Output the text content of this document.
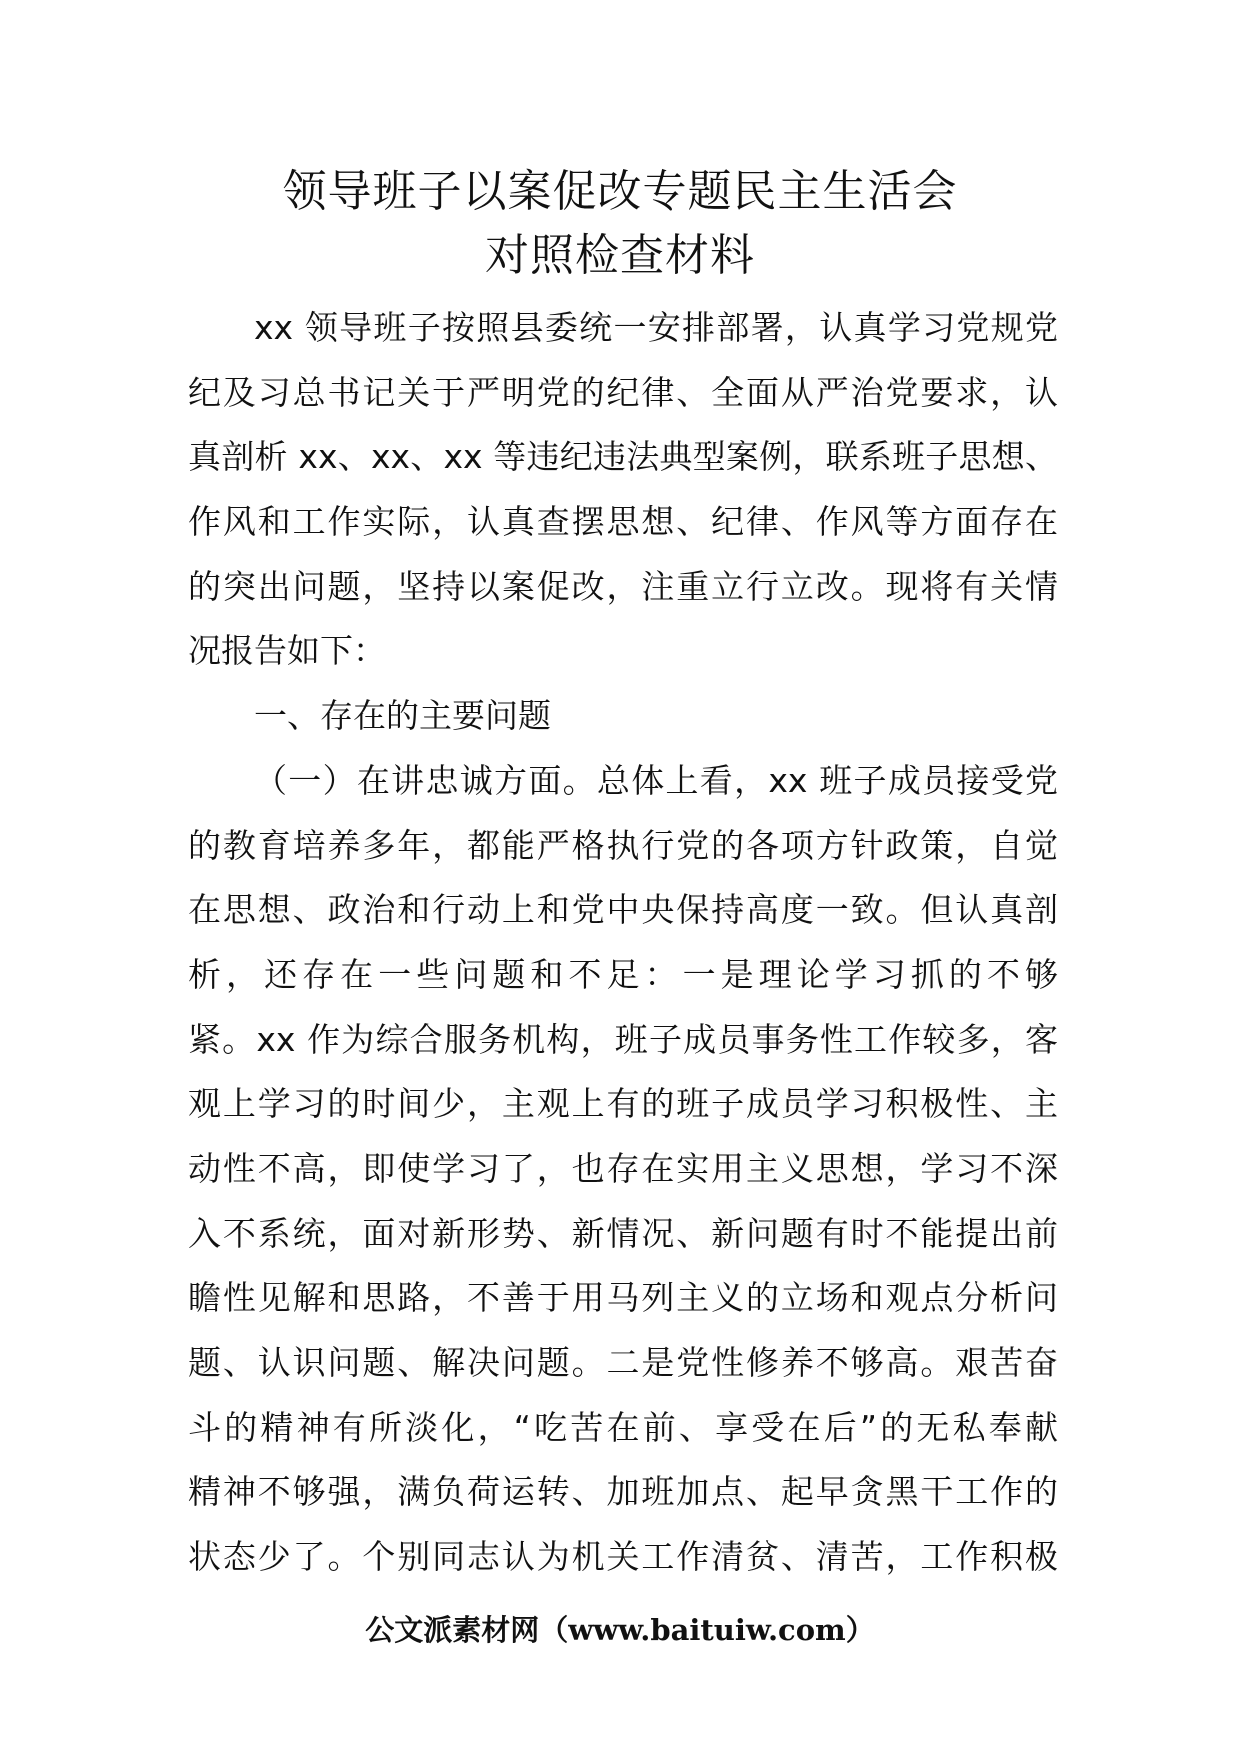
领导班子以案促改专题民主生活会
对照检查材料
xx 领导班子按照县委统一安排部署，认真学习党规党
纪及习总书记关于严明党的纪律、全面从严治党要求，认
真剖析 xx、xx、xx 等违纪违法典型案例，联系班子思想、
作风和工作实际，认真查摆思想、纪律、作风等方面存在
的突出问题，坚持以案促改，注重立行立改。现将有关情
况报告如下：
一、存在的主要问题
（一）在讲忠诚方面。总体上看，xx 班子成员接受党
的教育培养多年，都能严格执行党的各项方针政策，自觉
在思想、政治和行动上和党中央保持高度一致。但认真剖
析，还存在一些问题和不足：一是理论学习抓的不够
紧。xx 作为综合服务机构，班子成员事务性工作较多，客
观上学习的时间少，主观上有的班子成员学习积极性、主
动性不高，即使学习了，也存在实用主义思想，学习不深
入不系统，面对新形势、新情况、新问题有时不能提出前
瞻性见解和思路，不善于用马列主义的立场和观点分析问
题、认识问题、解决问题。二是党性修养不够高。艰苦奋
斗的精神有所淡化，“吃苦在前、享受在后”的无私奉献
精神不够强，满负荷运转、加班加点、起早贪黑干工作的
状态少了。个别同志认为机关工作清贫、清苦，工作积极
公文派素材网（www.baituiw.com）
